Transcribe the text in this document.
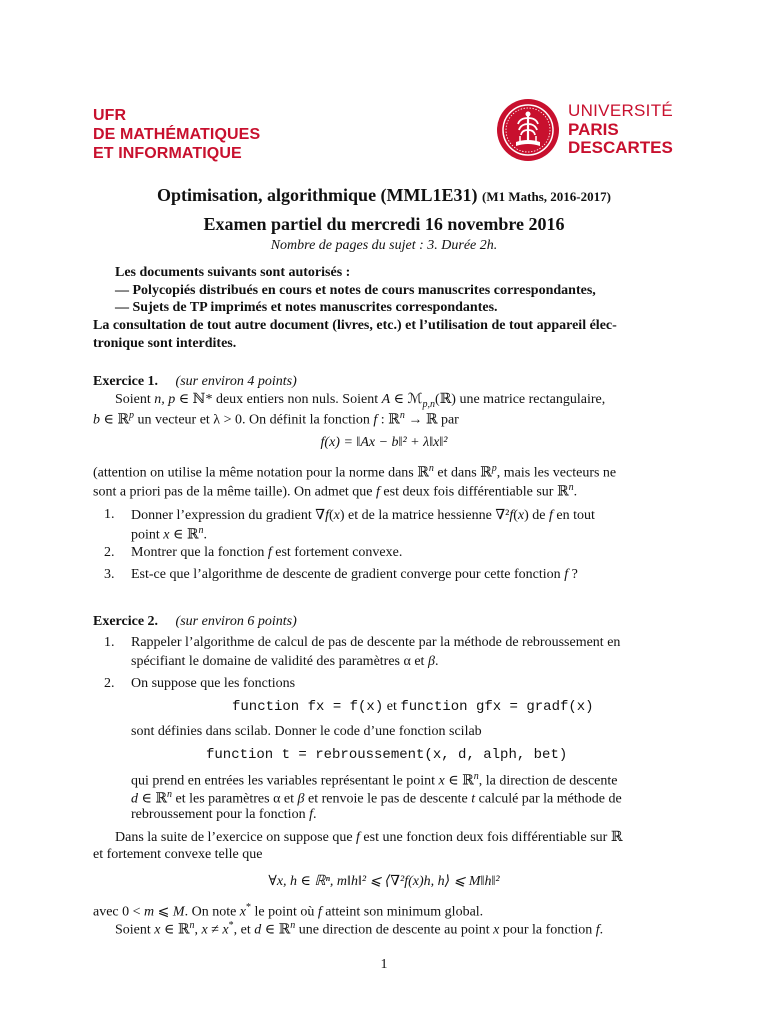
UFR
DE MATHÉMATIQUES
ET INFORMATIQUE
UNIVERSITÉ
PARIS
DESCARTES
Optimisation, algorithmique (MML1E31) (M1 Maths, 2016-2017)
Examen partiel du mercredi 16 novembre 2016
Nombre de pages du sujet : 3. Durée 2h.
Les documents suivants sont autorisés :
— Polycopiés distribués en cours et notes de cours manuscrites correspondantes,
— Sujets de TP imprimés et notes manuscrites correspondantes.
La consultation de tout autre document (livres, etc.) et l’utilisation de tout appareil élec-
tronique sont interdites.
Exercice 1. (sur environ 4 points)
Soient n, p ∈ ℕ* deux entiers non nuls. Soient A ∈ ℳ$_{p,n}$(ℝ) une matrice rectangulaire,
b ∈ ℝ$^p$ un vecteur et λ > 0. On définit la fonction f : ℝ$^n$ → ℝ par
f(x) = ‖Ax − b‖² + λ‖x‖²
(attention on utilise la même notation pour la norme dans ℝ$^n$ et dans ℝ$^p$, mais les vecteurs ne
sont a priori pas de la même taille). On admet que f est deux fois différentiable sur ℝ$^n$.
1. Donner l’expression du gradient ∇f(x) et de la matrice hessienne ∇²f(x) de f en tout
point x ∈ ℝ$^n$.
2. Montrer que la fonction f est fortement convexe.
3. Est-ce que l’algorithme de descente de gradient converge pour cette fonction f ?
Exercice 2. (sur environ 6 points)
1. Rappeler l’algorithme de calcul de pas de descente par la méthode de rebroussement en
spécifiant le domaine de validité des paramètres α et β.
2. On suppose que les fonctions
function fx = f(x) et function gfx = gradf(x)
sont définies dans scilab. Donner le code d’une fonction scilab
function t = rebroussement(x, d, alph, bet)
qui prend en entrées les variables représentant le point x ∈ ℝ$^n$, la direction de descente
d ∈ ℝ$^n$ et les paramètres α et β et renvoie le pas de descente t calculé par la méthode de
rebroussement pour la fonction f.
Dans la suite de l’exercice on suppose que f est une fonction deux fois différentiable sur ℝ
et fortement convexe telle que
∀x, h ∈ ℝⁿ, m‖h‖² ⩽ ⟨∇²f(x)h, h⟩ ⩽ M‖h‖²
avec 0 < m ⩽ M. On note x* le point où f atteint son minimum global.
Soient x ∈ ℝ$^n$, x ≠ x*, et d ∈ ℝ$^n$ une direction de descente au point x pour la fonction f.
1
